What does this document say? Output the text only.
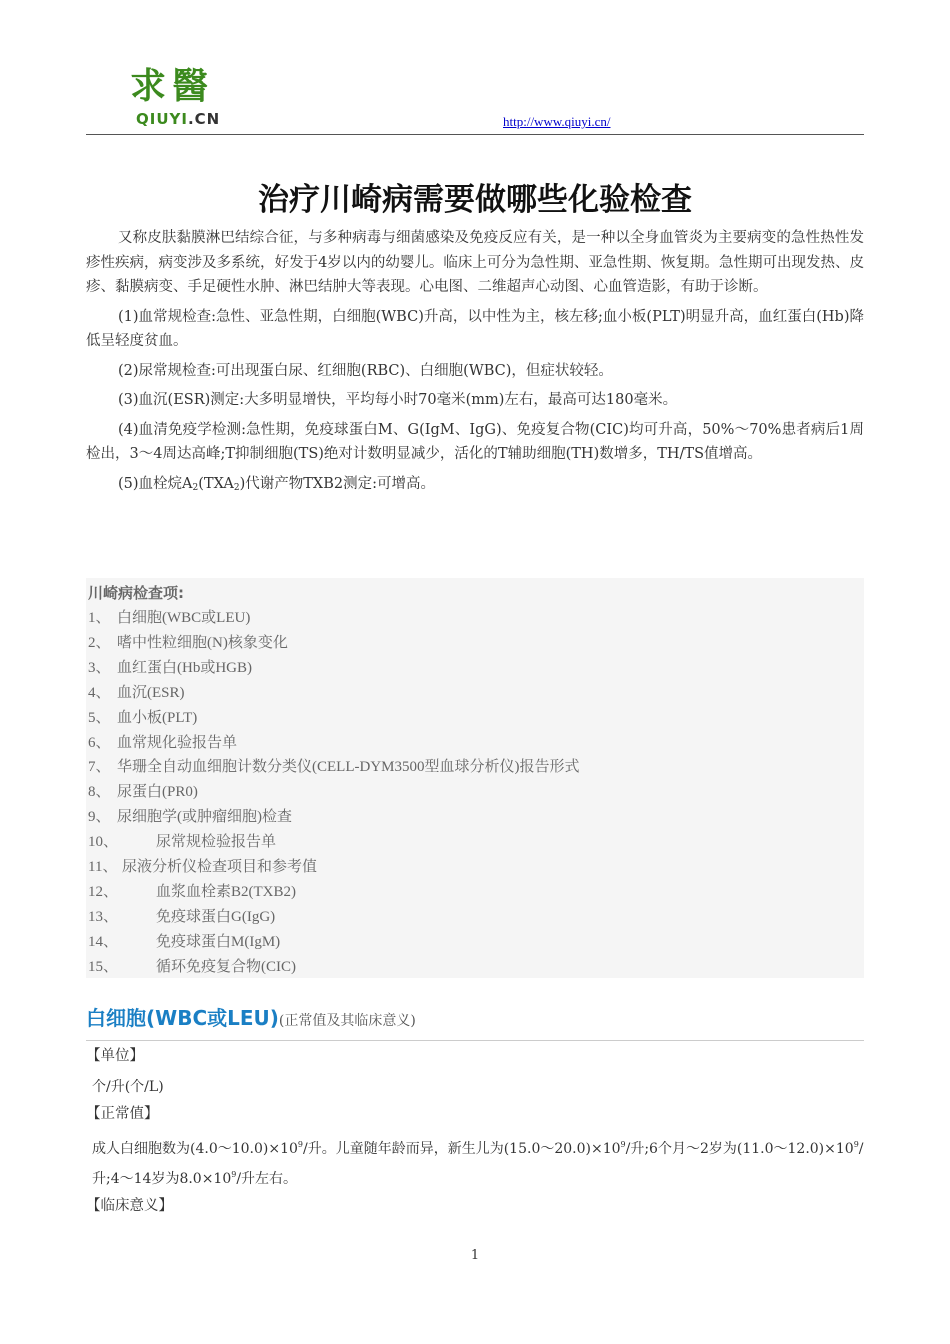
求醫
QIUYI.CN	http://www.qiuyi.cn/
治疗川崎病需要做哪些化验检查

又称皮肤黏膜淋巴结综合征，与多种病毒与细菌感染及免疫反应有关，是一种以全身血管炎为主要病变的急性热性发疹性疾病，病变涉及多系统，好发于4岁以内的幼婴儿。临床上可分为急性期、亚急性期、恢复期。急性期可出现发热、皮疹、黏膜病变、手足硬性水肿、淋巴结肿大等表现。心电图、二维超声心动图、心血管造影，有助于诊断。

(1)血常规检查:急性、亚急性期，白细胞(WBC)升高，以中性为主，核左移;血小板(PLT)明显升高，血红蛋白(Hb)降低呈轻度贫血。

(2)尿常规检查:可出现蛋白尿、红细胞(RBC)、白细胞(WBC)，但症状较轻。

(3)血沉(ESR)测定:大多明显增快，平均每小时70毫米(mm)左右，最高可达180毫米。

(4)血清免疫学检测:急性期，免疫球蛋白M、G(IgM、IgG)、免疫复合物(CIC)均可升高，50%～70%患者病后1周检出，3～4周达高峰;T抑制细胞(TS)绝对计数明显减少，活化的T辅助细胞(TH)数增多，TH/TS值增高。

(5)血栓烷$A_2(TXA_2)$代谢产物TXB2测定:可增高。

川崎病检查项:
1、 白细胞(WBC或LEU)
2、 嗜中性粒细胞(N)核象变化
3、 血红蛋白(Hb或HGB)
4、 血沉(ESR)
5、 血小板(PLT)
6、 血常规化验报告单
7、 华珊全自动血细胞计数分类仪(CELL-DYM3500型血球分析仪)报告形式
8、 尿蛋白(PR0)
9、 尿细胞学(或肿瘤细胞)检查
10、	尿常规检验报告单
11、 尿液分析仪检查项目和参考值
12、	血浆血栓素B2(TXB2)
13、	免疫球蛋白G(IgG)
14、	免疫球蛋白M(IgM)
15、	循环免疫复合物(CIC)
白细胞(WBC或LEU)(正常值及其临床意义)
【单位】
个/升(个/L)
【正常值】
成人白细胞数为$(4.0\sim 10.0)\times 10^9/$升。儿童随年龄而异，新生儿为$(15.0\sim 20.0)\times 10^9/$升;6个月～2岁为$(11.0\sim 12.0)\times 10^9/$升;4～14岁为$8.0\times 10^9/$升左右。
【临床意义】
1
